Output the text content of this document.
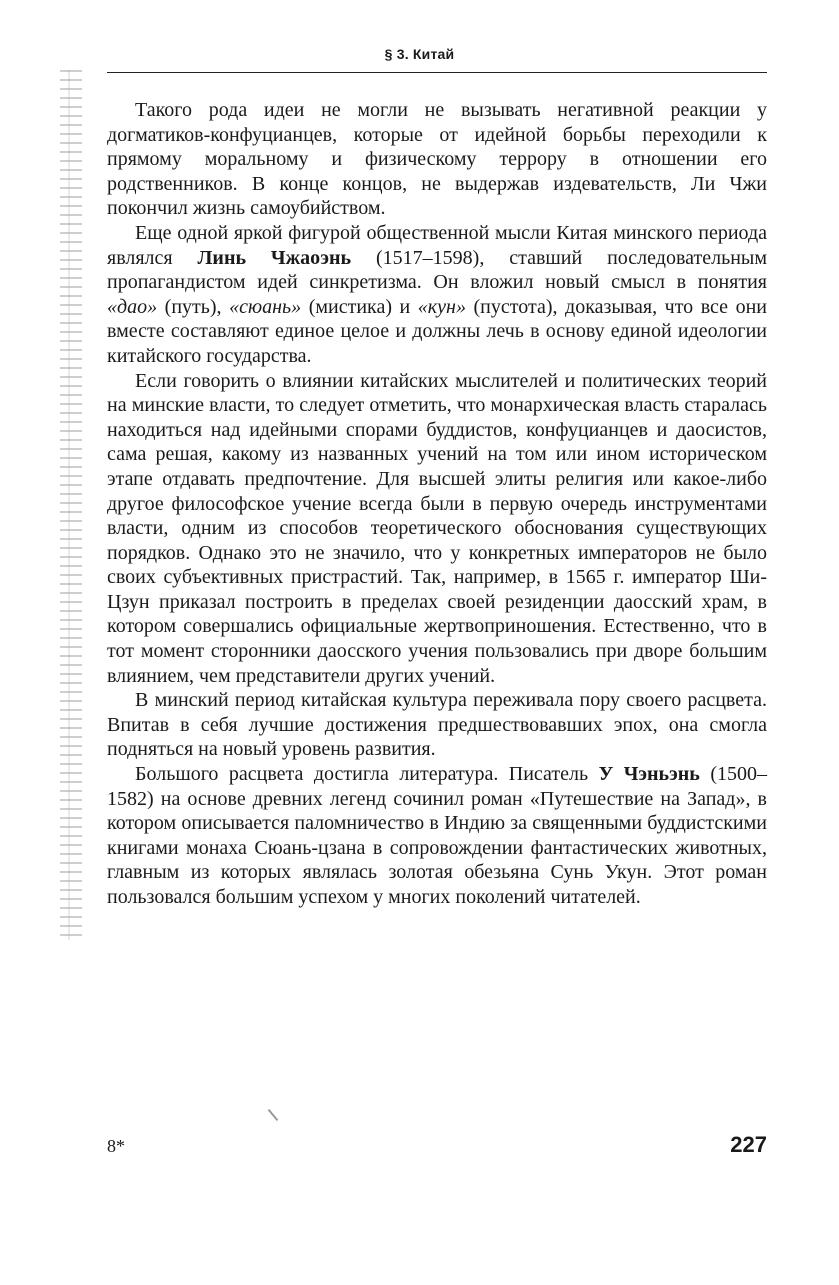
§ 3. Китай

Такого рода идеи не могли не вызывать негативной реакции у догматиков-конфуцианцев, которые от идейной борьбы переходили к прямому моральному и физическому террору в отношении его родственников. В конце концов, не выдержав издевательств, Ли Чжи покончил жизнь самоубийством.

Еще одной яркой фигурой общественной мысли Китая минского периода являлся Линь Чжаоэнь (1517–1598), ставший последовательным пропагандистом идей синкретизма. Он вложил новый смысл в понятия «дао» (путь), «сюань» (мистика) и «кун» (пустота), доказывая, что все они вместе составляют единое целое и должны лечь в основу единой идеологии китайского государства.

Если говорить о влиянии китайских мыслителей и политических теорий на минские власти, то следует отметить, что монархическая власть старалась находиться над идейными спорами буддистов, конфуцианцев и даосистов, сама решая, какому из названных учений на том или ином историческом этапе отдавать предпочтение. Для высшей элиты религия или какое-либо другое философское учение всегда были в первую очередь инструментами власти, одним из способов теоретического обоснования существующих порядков. Однако это не значило, что у конкретных императоров не было своих субъективных пристрастий. Так, например, в 1565 г. император Ши-Цзун приказал построить в пределах своей резиденции даосский храм, в котором совершались официальные жертвоприношения. Естественно, что в тот момент сторонники даосского учения пользовались при дворе большим влиянием, чем представители других учений.

В минский период китайская культура переживала пору своего расцвета. Впитав в себя лучшие достижения предшествовавших эпох, она смогла подняться на новый уровень развития.

Большого расцвета достигла литература. Писатель У Чэньэнь (1500–1582) на основе древних легенд сочинил роман «Путешествие на Запад», в котором описывается паломничество в Индию за священными буддистскими книгами монаха Сюань-цзана в сопровождении фантастических животных, главным из которых являлась золотая обезьяна Сунь Укун. Этот роман пользовался большим успехом у многих поколений читателей.

8*	227
